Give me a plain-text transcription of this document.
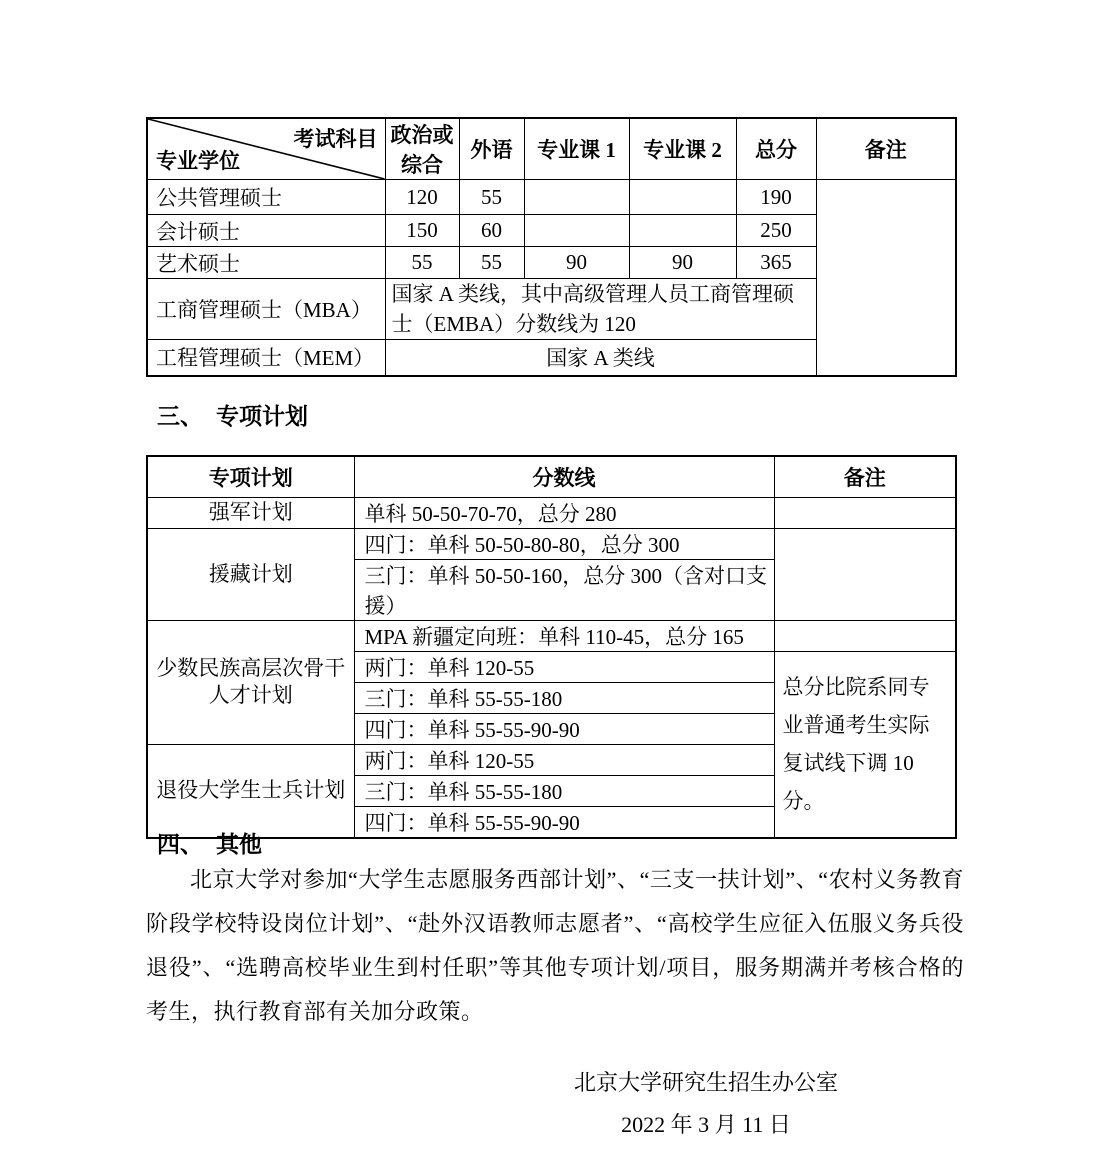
考试科目
专业学位	政治或综合	外语	专业课 1	专业课 2	总分	备注
公共管理硕士	120	55			190	
会计硕士	150	60			250	
艺术硕士	55	55	90	90	365	
工商管理硕士（MBA）	国家 A 类线，其中高级管理人员工商管理硕士（EMBA）分数线为 120					
工程管理硕士（MEM）	国家 A 类线					
三、 专项计划
专项计划	分数线	备注
强军计划	单科 50-50-70-70，总分 280	
援藏计划	四门：单科 50-50-80-80，总分 300	
	三门：单科 50-50-160，总分 300（含对口支援）	
少数民族高层次骨干人才计划	MPA 新疆定向班：单科 110-45，总分 165	
	两门：单科 120-55	总分比院系同专业普通考生实际复试线下调 10 分。
	三门：单科 55-55-180	
	四门：单科 55-55-90-90	
退役大学生士兵计划	两门：单科 120-55	
	三门：单科 55-55-180	
	四门：单科 55-55-90-90	
四、 其他
北京大学对参加“大学生志愿服务西部计划”、“三支一扶计划”、“农村义务教育阶段学校特设岗位计划”、“赴外汉语教师志愿者”、“高校学生应征入伍服义务兵役退役”、“选聘高校毕业生到村任职”等其他专项计划/项目，服务期满并考核合格的考生，执行教育部有关加分政策。
北京大学研究生招生办公室
2022 年 3 月 11 日
